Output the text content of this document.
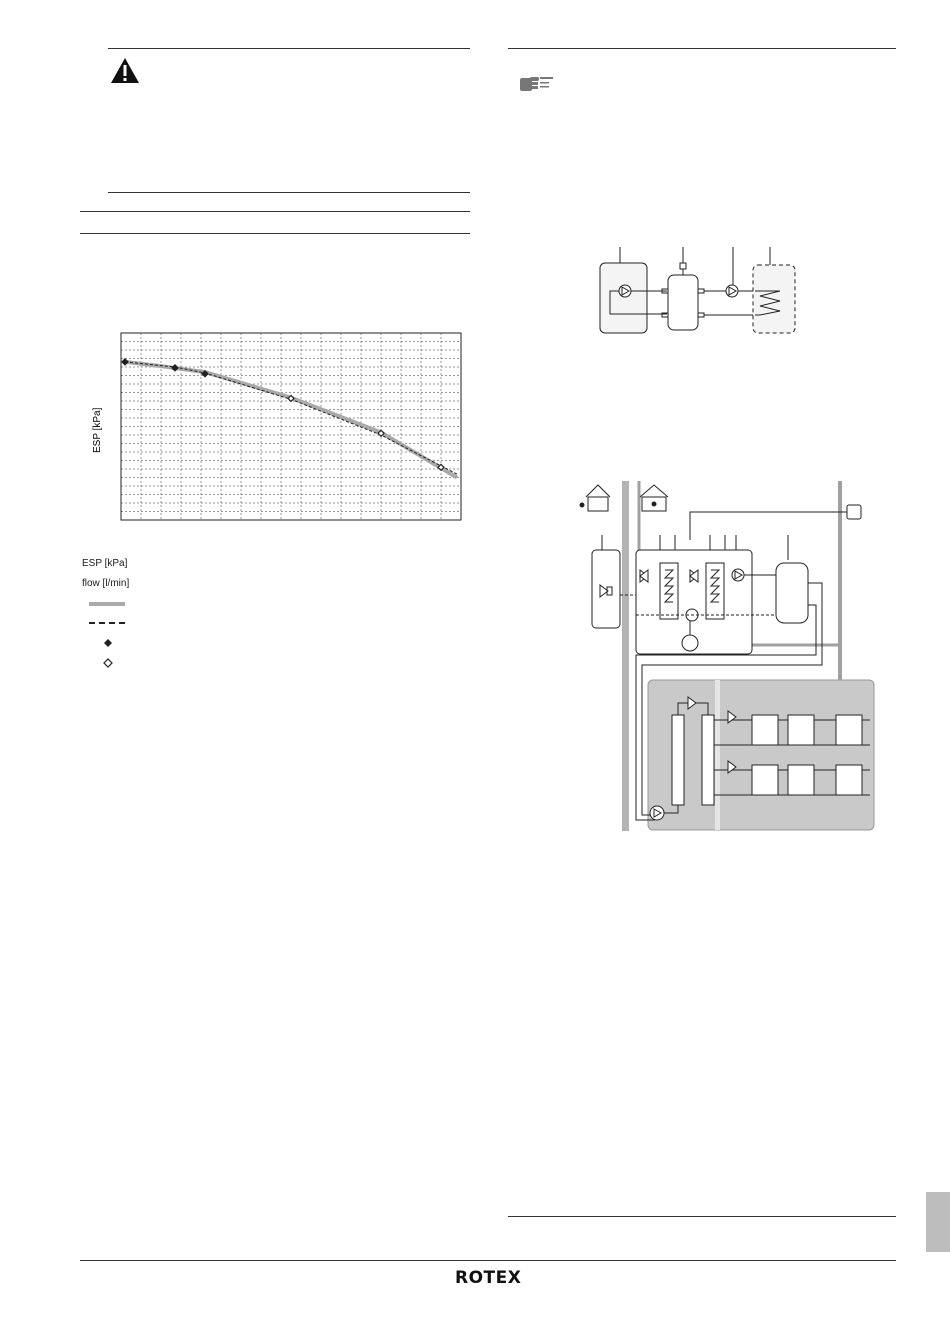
ESP [kPa]
ESP [kPa]
flow [l/min]
ROTEX
